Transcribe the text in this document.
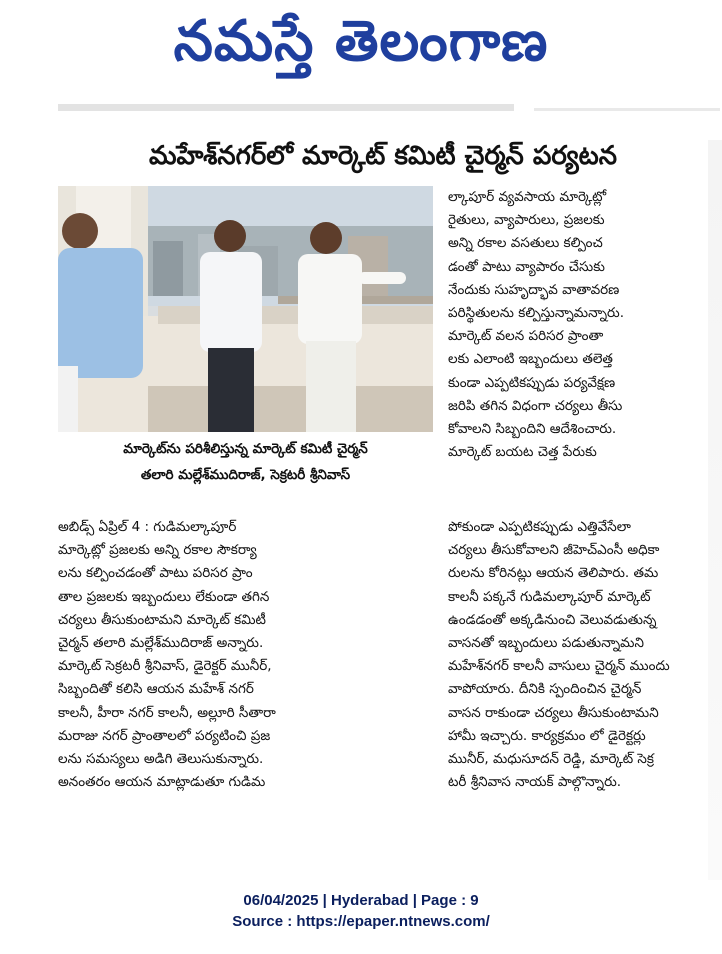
నమస్తే తెలంగాణ
మహేశ్‌నగర్‌లో మార్కెట్ కమిటీ చైర్మన్ పర్యటన
మార్కెట్‌ను పరిశీలిస్తున్న మార్కెట్ కమిటీ చైర్మన్
తలారి మల్లేశ్‌ముదిరాజ్, సెక్రటరీ శ్రీనివాస్
ల్కాపూర్ వ్యవసాయ మార్కెట్లో
రైతులు, వ్యాపారులు, ప్రజలకు
అన్ని రకాల వసతులు కల్పించ
డంతో పాటు వ్యాపారం చేసుకు
నేందుకు సుహృద్భావ వాతావరణ
పరిస్థితులను కల్పిస్తున్నామన్నారు.
మార్కెట్ వలన పరిసర ప్రాంతా
లకు ఎలాంటి ఇబ్బందులు తలెత్త
కుండా ఎప్పటికప్పుడు పర్యవేక్షణ
జరిపి తగిన విధంగా చర్యలు తీసు
కోవాలని సిబ్బందిని ఆదేశించారు.
మార్కెట్ బయట చెత్త పేరుకు
అబిడ్స్ ఏప్రిల్ 4 : గుడిమల్కాపూర్
మార్కెట్లో ప్రజలకు అన్ని రకాల సౌకర్యా
లను కల్పించడంతో పాటు పరిసర ప్రాం
తాల ప్రజలకు ఇబ్బందులు లేకుండా తగిన
చర్యలు తీసుకుంటామని మార్కెట్ కమిటీ
చైర్మన్ తలారి మల్లేశ్‌ముదిరాజ్ అన్నారు.
మార్కెట్ సెక్రటరీ శ్రీనివాస్, డైరెక్టర్ మునీర్,
సిబ్బందితో కలిసి ఆయన మహేశ్ నగర్
కాలనీ, హీరా నగర్ కాలనీ, అల్లూరి సీతారా
మరాజు నగర్ ప్రాంతాలలో పర్యటించి ప్రజ
లను సమస్యలు అడిగి తెలుసుకున్నారు.
అనంతరం ఆయన మాట్లాడుతూ గుడిమ
పోకుండా ఎప్పటికప్పుడు ఎత్తివేసేలా
చర్యలు తీసుకోవాలని జీహెచ్ఎంసీ అధికా
రులను కోరినట్లు ఆయన తెలిపారు. తమ
కాలనీ పక్కనే గుడిమల్కాపూర్ మార్కెట్
ఉండడంతో అక్కడినుంచి వెలువడుతున్న
వాసనతో ఇబ్బందులు పడుతున్నామని
మహేశ్‌నగర్ కాలనీ వాసులు చైర్మన్ ముందు
వాపోయారు. దీనికి స్పందించిన చైర్మన్
వాసన రాకుండా చర్యలు తీసుకుంటామని
హామీ ఇచ్చారు. కార్యక్రమం లో డైరెక్టర్లు
మునీర్, మధుసూదన్ రెడ్డి, మార్కెట్ సెక్ర
టరీ శ్రీనివాస నాయక్ పాల్గొన్నారు.
06/04/2025 | Hyderabad | Page : 9
Source : https://epaper.ntnews.com/
